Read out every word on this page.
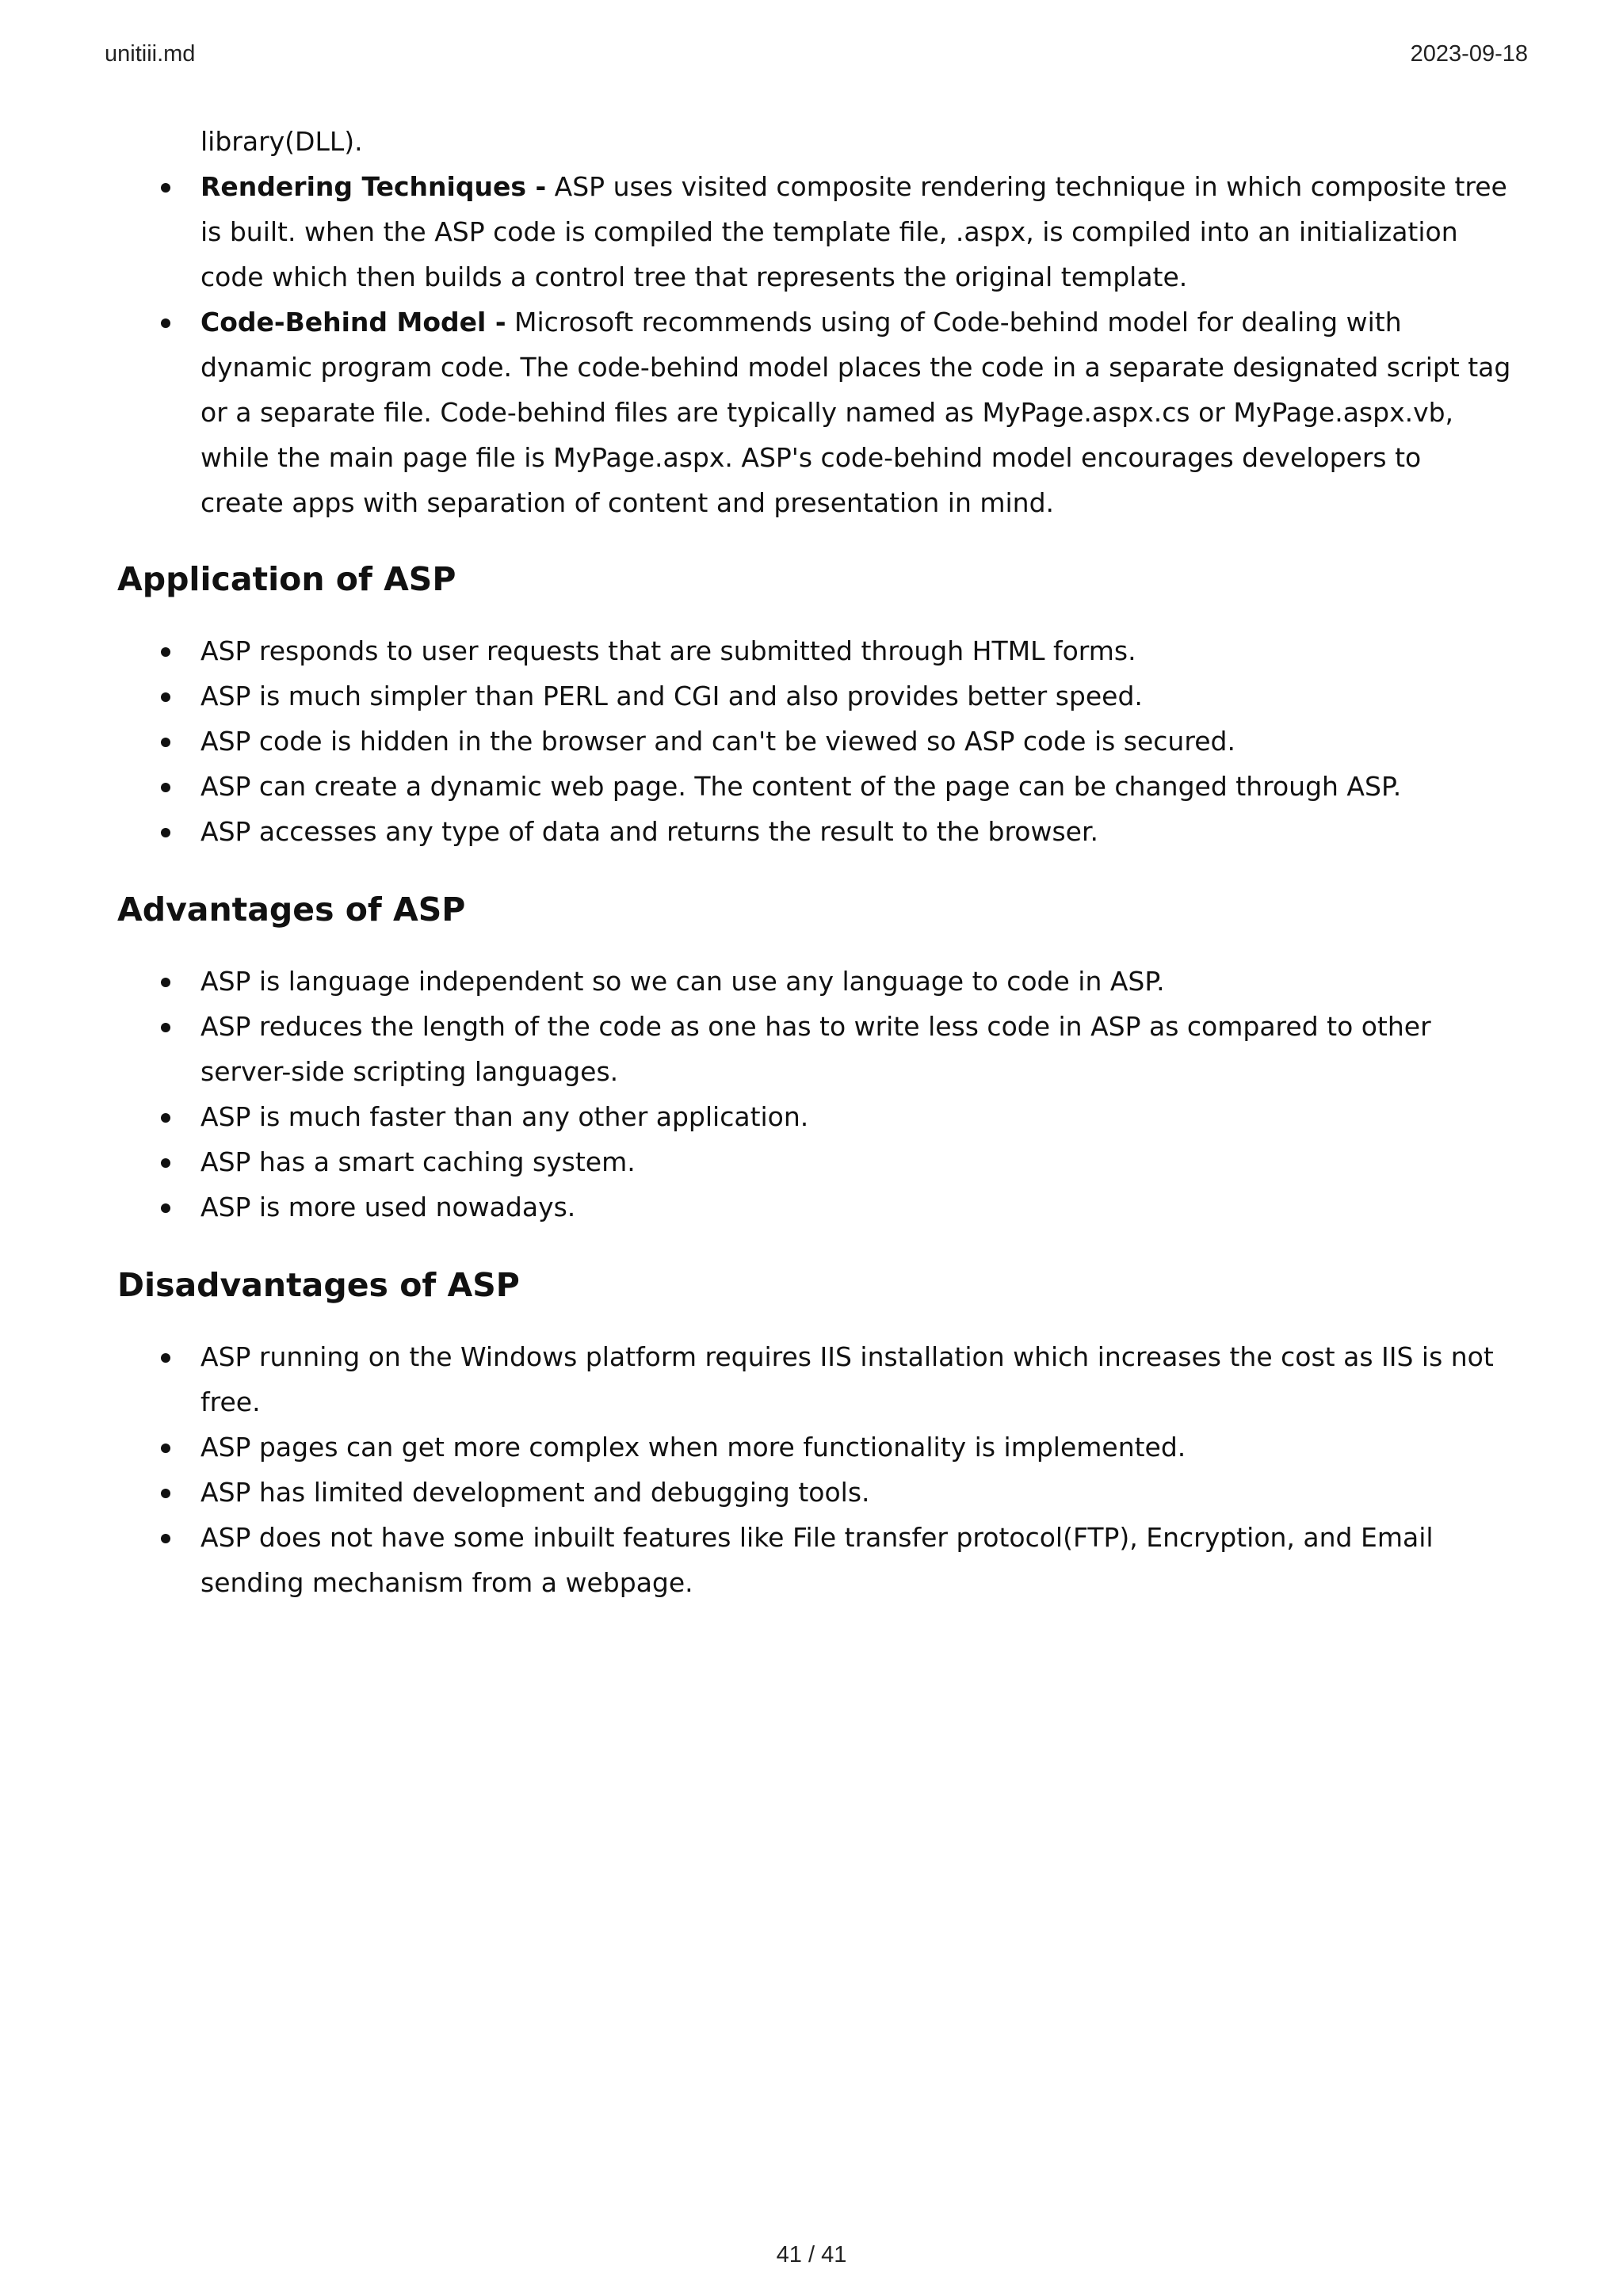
unitiii.md	2023-09-18
library(DLL).
Rendering Techniques - ASP uses visited composite rendering technique in which composite tree is built. when the ASP code is compiled the template file, .aspx, is compiled into an initialization code which then builds a control tree that represents the original template.
Code-Behind Model - Microsoft recommends using of Code-behind model for dealing with dynamic program code. The code-behind model places the code in a separate designated script tag or a separate file. Code-behind files are typically named as MyPage.aspx.cs or MyPage.aspx.vb, while the main page file is MyPage.aspx. ASP's code-behind model encourages developers to create apps with separation of content and presentation in mind.
Application of ASP
ASP responds to user requests that are submitted through HTML forms.
ASP is much simpler than PERL and CGI and also provides better speed.
ASP code is hidden in the browser and can't be viewed so ASP code is secured.
ASP can create a dynamic web page. The content of the page can be changed through ASP.
ASP accesses any type of data and returns the result to the browser.
Advantages of ASP
ASP is language independent so we can use any language to code in ASP.
ASP reduces the length of the code as one has to write less code in ASP as compared to other server-side scripting languages.
ASP is much faster than any other application.
ASP has a smart caching system.
ASP is more used nowadays.
Disadvantages of ASP
ASP running on the Windows platform requires IIS installation which increases the cost as IIS is not free.
ASP pages can get more complex when more functionality is implemented.
ASP has limited development and debugging tools.
ASP does not have some inbuilt features like File transfer protocol(FTP), Encryption, and Email sending mechanism from a webpage.
41 / 41
